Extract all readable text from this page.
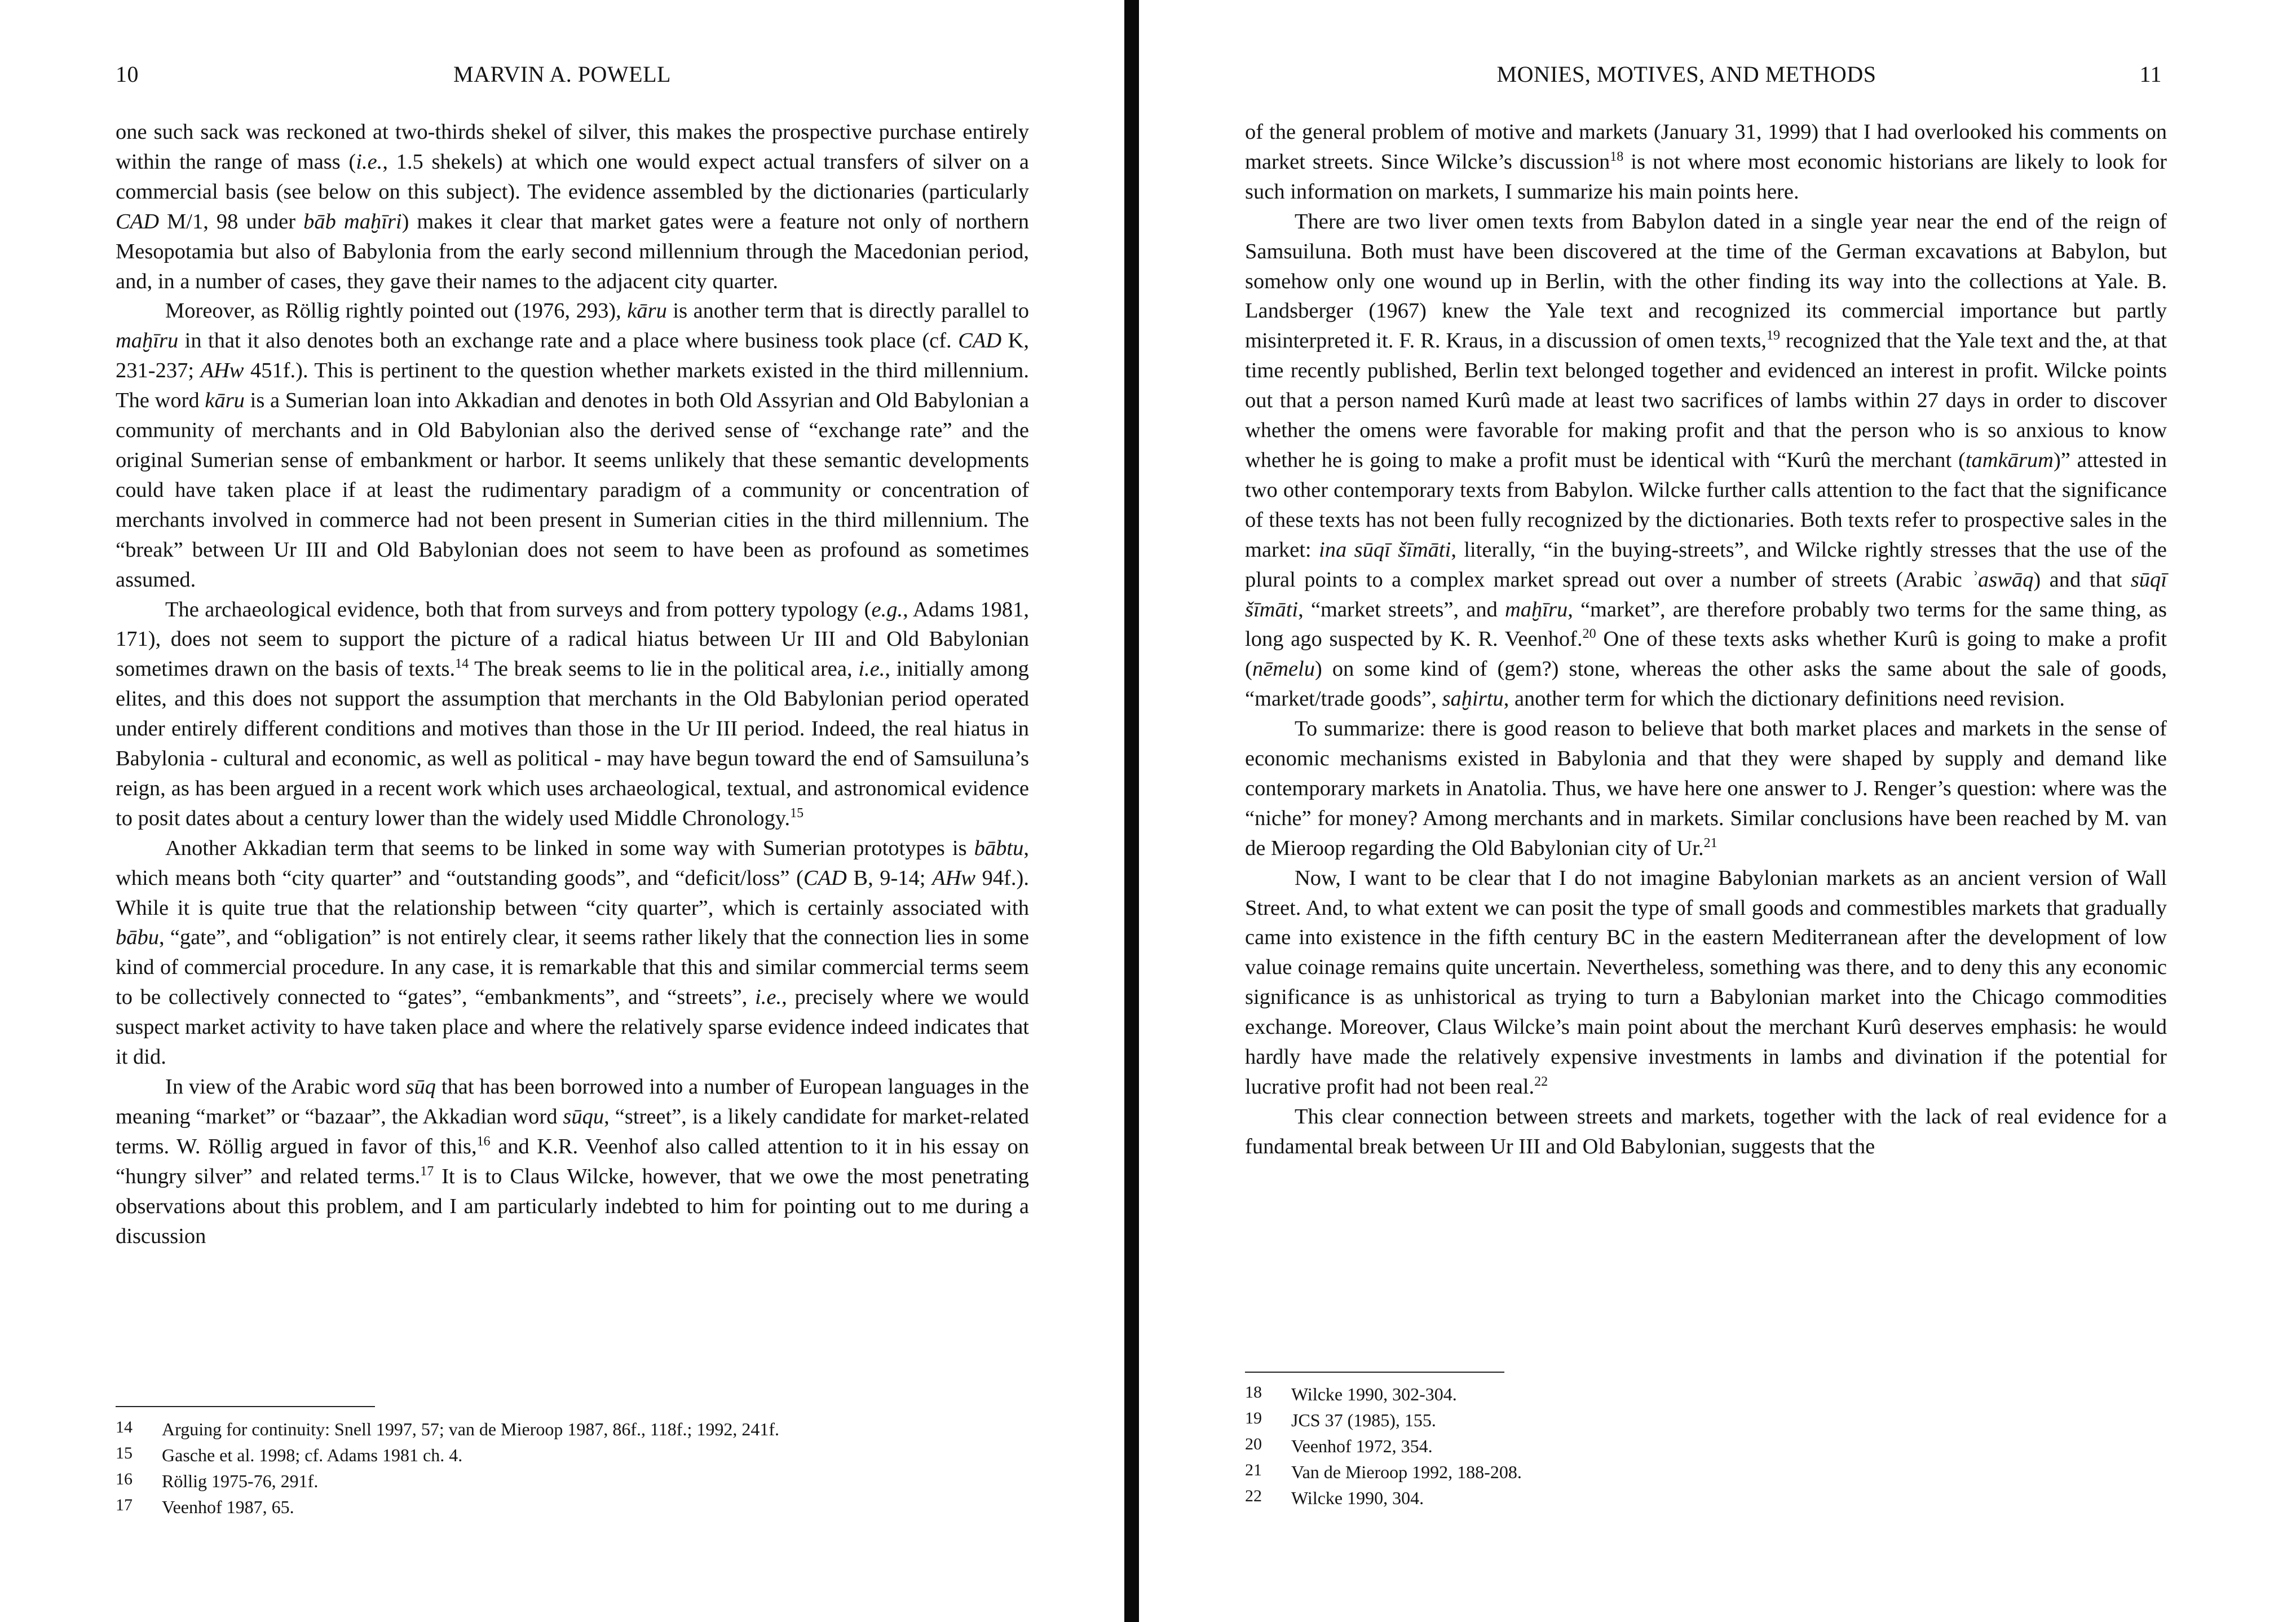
10	MARVIN A. POWELL

one such sack was reckoned at two-thirds shekel of silver, this makes the prospective purchase entirely within the range of mass (i.e., 1.5 shekels) at which one would expect actual transfers of silver on a commercial basis (see below on this subject). The evidence assembled by the dictionaries (particularly CAD M/1, 98 under bāb maḫīri) makes it clear that market gates were a feature not only of northern Mesopotamia but also of Babylonia from the early second millennium through the Macedonian period, and, in a number of cases, they gave their names to the adjacent city quarter.

Moreover, as Röllig rightly pointed out (1976, 293), kāru is another term that is directly parallel to maḫīru in that it also denotes both an exchange rate and a place where business took place (cf. CAD K, 231-237; AHw 451f.). This is pertinent to the question whether markets existed in the third millennium. The word kāru is a Sumerian loan into Akkadian and denotes in both Old Assyrian and Old Babylonian a community of merchants and in Old Babylonian also the derived sense of “exchange rate” and the original Sumerian sense of embankment or harbor. It seems unlikely that these semantic developments could have taken place if at least the rudimentary paradigm of a community or concentration of merchants involved in commerce had not been present in Sumerian cities in the third millennium. The “break” between Ur III and Old Babylonian does not seem to have been as profound as sometimes assumed.

The archaeological evidence, both that from surveys and from pottery typology (e.g., Adams 1981, 171), does not seem to support the picture of a radical hiatus between Ur III and Old Babylonian sometimes drawn on the basis of texts.$^{14}$ The break seems to lie in the political area, i.e., initially among elites, and this does not support the assumption that merchants in the Old Babylonian period operated under entirely different conditions and motives than those in the Ur III period. Indeed, the real hiatus in Babylonia - cultural and economic, as well as political - may have begun toward the end of Samsuiluna’s reign, as has been argued in a recent work which uses archaeological, textual, and astronomical evidence to posit dates about a century lower than the widely used Middle Chronology.$^{15}$

Another Akkadian term that seems to be linked in some way with Sumerian prototypes is bābtu, which means both “city quarter” and “outstanding goods”, and “deficit/loss” (CAD B, 9-14; AHw 94f.). While it is quite true that the relationship between “city quarter”, which is certainly associated with bābu, “gate”, and “obligation” is not entirely clear, it seems rather likely that the connection lies in some kind of commercial procedure. In any case, it is remarkable that this and similar commercial terms seem to be collectively connected to “gates”, “embankments”, and “streets”, i.e., precisely where we would suspect market activity to have taken place and where the relatively sparse evidence indeed indicates that it did.

In view of the Arabic word sūq that has been borrowed into a number of European languages in the meaning “market” or “bazaar”, the Akkadian word sūqu, “street”, is a likely candidate for market-related terms. W. Röllig argued in favor of this,$^{16}$ and K.R. Veenhof also called attention to it in his essay on “hungry silver” and related terms.$^{17}$ It is to Claus Wilcke, however, that we owe the most penetrating observations about this problem, and I am particularly indebted to him for pointing out to me during a discussion

14	Arguing for continuity: Snell 1997, 57; van de Mieroop 1987, 86f., 118f.; 1992, 241f.
15	Gasche et al. 1998; cf. Adams 1981 ch. 4.
16	Röllig 1975-76, 291f.
17	Veenhof 1987, 65.
MONIES, MOTIVES, AND METHODS	11

of the general problem of motive and markets (January 31, 1999) that I had overlooked his comments on market streets. Since Wilcke’s discussion$^{18}$ is not where most economic historians are likely to look for such information on markets, I summarize his main points here.

There are two liver omen texts from Babylon dated in a single year near the end of the reign of Samsuiluna. Both must have been discovered at the time of the German excavations at Babylon, but somehow only one wound up in Berlin, with the other finding its way into the collections at Yale. B. Landsberger (1967) knew the Yale text and recognized its commercial importance but partly misinterpreted it. F. R. Kraus, in a discussion of omen texts,$^{19}$ recognized that the Yale text and the, at that time recently published, Berlin text belonged together and evidenced an interest in profit. Wilcke points out that a person named Kurû made at least two sacrifices of lambs within 27 days in order to discover whether the omens were favorable for making profit and that the person who is so anxious to know whether he is going to make a profit must be identical with “Kurû the merchant (tamkārum)” attested in two other contemporary texts from Babylon. Wilcke further calls attention to the fact that the significance of these texts has not been fully recognized by the dictionaries. Both texts refer to prospective sales in the market: ina sūqī šīmāti, literally, “in the buying-streets”, and Wilcke rightly stresses that the use of the plural points to a complex market spread out over a number of streets (Arabic ʾaswāq) and that sūqī šīmāti, “market streets”, and maḫīru, “market”, are therefore probably two terms for the same thing, as long ago suspected by K. R. Veenhof.$^{20}$ One of these texts asks whether Kurû is going to make a profit (nēmelu) on some kind of (gem?) stone, whereas the other asks the same about the sale of goods, “market/trade goods”, saḫirtu, another term for which the dictionary definitions need revision.

To summarize: there is good reason to believe that both market places and markets in the sense of economic mechanisms existed in Babylonia and that they were shaped by supply and demand like contemporary markets in Anatolia. Thus, we have here one answer to J. Renger’s question: where was the “niche” for money? Among merchants and in markets. Similar conclusions have been reached by M. van de Mieroop regarding the Old Babylonian city of Ur.$^{21}$

Now, I want to be clear that I do not imagine Babylonian markets as an ancient version of Wall Street. And, to what extent we can posit the type of small goods and commestibles markets that gradually came into existence in the fifth century BC in the eastern Mediterranean after the development of low value coinage remains quite uncertain. Nevertheless, something was there, and to deny this any economic significance is as unhistorical as trying to turn a Babylonian market into the Chicago commodities exchange. Moreover, Claus Wilcke’s main point about the merchant Kurû deserves emphasis: he would hardly have made the relatively expensive investments in lambs and divination if the potential for lucrative profit had not been real.$^{22}$

This clear connection between streets and markets, together with the lack of real evidence for a fundamental break between Ur III and Old Babylonian, suggests that the

18	Wilcke 1990, 302-304.
19	JCS 37 (1985), 155.
20	Veenhof 1972, 354.
21	Van de Mieroop 1992, 188-208.
22	Wilcke 1990, 304.
